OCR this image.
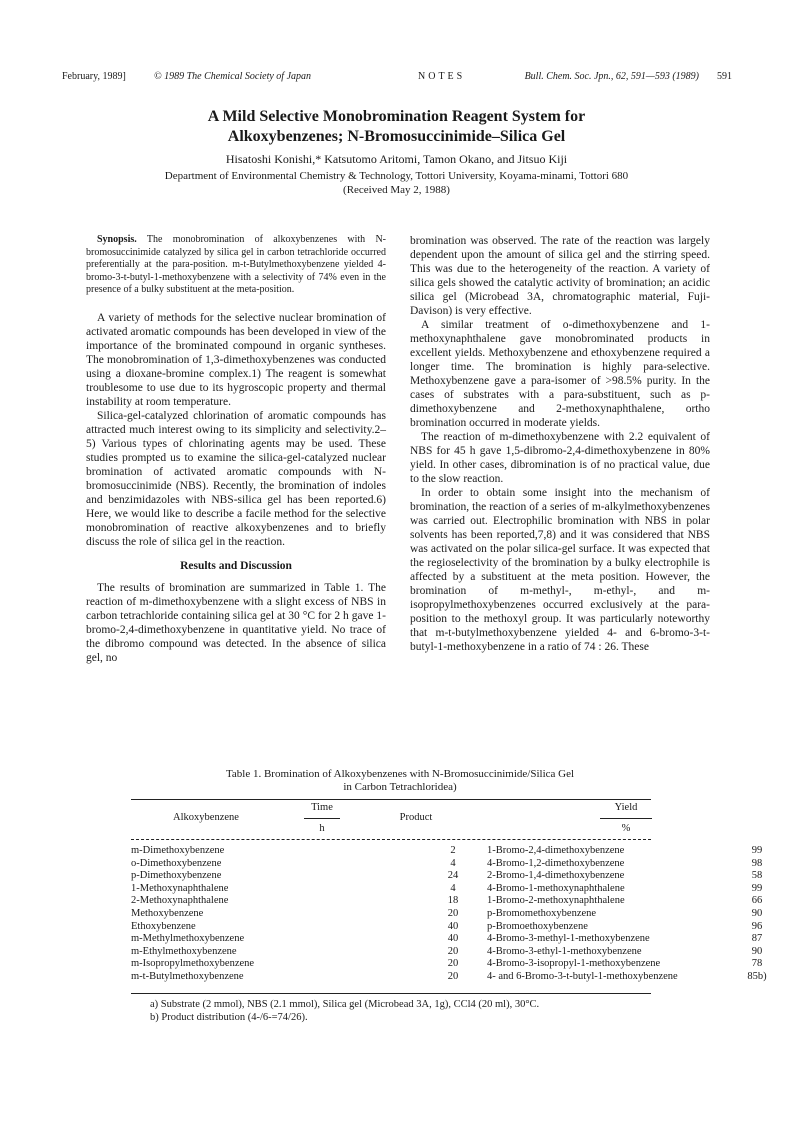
February, 1989]	© 1989 The Chemical Society of Japan	NOTES	Bull. Chem. Soc. Jpn., 62, 591—593 (1989) 591
A Mild Selective Monobromination Reagent System for
Alkoxybenzenes; N-Bromosuccinimide–Silica Gel
Hisatoshi Konishi,* Katsutomo Aritomi, Tamon Okano, and Jitsuo Kiji
Department of Environmental Chemistry & Technology, Tottori University, Koyama-minami, Tottori 680
(Received May 2, 1988)

Synopsis. The monobromination of alkoxybenzenes with N-bromosuccinimide catalyzed by silica gel in carbon tetrachloride occurred preferentially at the para-position. m-t-Butylmethoxybenzene yielded 4-bromo-3-t-butyl-1-methoxybenzene with a selectivity of 74% even in the presence of a bulky substituent at the meta-position.

A variety of methods for the selective nuclear bromination of activated aromatic compounds has been developed in view of the importance of the brominated compound in organic syntheses. The monobromination of 1,3-dimethoxybenzenes was conducted using a dioxane-bromine complex.1) The reagent is somewhat troublesome to use due to its hygroscopic property and thermal instability at room temperature.

Silica-gel-catalyzed chlorination of aromatic compounds has attracted much interest owing to its simplicity and selectivity.2–5) Various types of chlorinating agents may be used. These studies prompted us to examine the silica-gel-catalyzed nuclear bromination of activated aromatic compounds with N-bromosuccinimide (NBS). Recently, the bromination of indoles and benzimidazoles with NBS-silica gel has been reported.6) Here, we would like to describe a facile method for the selective monobromination of reactive alkoxybenzenes and to briefly discuss the role of silica gel in the reaction.

Results and Discussion

The results of bromination are summarized in Table 1. The reaction of m-dimethoxybenzene with a slight excess of NBS in carbon tetrachloride containing silica gel at 30 °C for 2 h gave 1-bromo-2,4-dimethoxybenzene in quantitative yield. No trace of the dibromo compound was detected. In the absence of silica gel, no

bromination was observed. The rate of the reaction was largely dependent upon the amount of silica gel and the stirring speed. This was due to the heterogeneity of the reaction. A variety of silica gels showed the catalytic activity of bromination; an acidic silica gel (Microbead 3A, chromatographic material, Fuji-Davison) is very effective.

A similar treatment of o-dimethoxybenzene and 1-methoxynaphthalene gave monobrominated products in excellent yields. Methoxybenzene and ethoxybenzene required a longer time. The bromination is highly para-selective. Methoxybenzene gave a para-isomer of >98.5% purity. In the cases of substrates with a para-substituent, such as p-dimethoxybenzene and 2-methoxynaphthalene, ortho bromination occurred in moderate yields.

The reaction of m-dimethoxybenzene with 2.2 equivalent of NBS for 45 h gave 1,5-dibromo-2,4-dimethoxybenzene in 80% yield. In other cases, dibromination is of no practical value, due to the slow reaction.

In order to obtain some insight into the mechanism of bromination, the reaction of a series of m-alkylmethoxybenzenes was carried out. Electrophilic bromination with NBS in polar solvents has been reported,7,8) and it was considered that NBS was activated on the polar silica-gel surface. It was expected that the regioselectivity of the bromination by a bulky electrophile is affected by a substituent at the meta position. However, the bromination of m-methyl-, m-ethyl-, and m-isopropylmethoxybenzenes occurred exclusively at the para-position to the methoxyl group. It was particularly noteworthy that m-t-butylmethoxybenzene yielded 4- and 6-bromo-3-t-butyl-1-methoxybenzene in a ratio of 74 : 26. These

Table 1. Bromination of Alkoxybenzenes with N-Bromosuccinimide/Silica Gel
in Carbon Tetrachloridea)
Alkoxybenzene
Time
h
Product
Yield
%
m-Dimethoxybenzene	2	1-Bromo-2,4-dimethoxybenzene	99
o-Dimethoxybenzene	4	4-Bromo-1,2-dimethoxybenzene	98
p-Dimethoxybenzene	24	2-Bromo-1,4-dimethoxybenzene	58
1-Methoxynaphthalene	4	4-Bromo-1-methoxynaphthalene	99
2-Methoxynaphthalene	18	1-Bromo-2-methoxynaphthalene	66
Methoxybenzene	20	p-Bromomethoxybenzene	90
Ethoxybenzene	40	p-Bromoethoxybenzene	96
m-Methylmethoxybenzene	40	4-Bromo-3-methyl-1-methoxybenzene	87
m-Ethylmethoxybenzene	20	4-Bromo-3-ethyl-1-methoxybenzene	90
m-Isopropylmethoxybenzene	20	4-Bromo-3-isopropyl-1-methoxybenzene	78
m-t-Butylmethoxybenzene	20	4- and 6-Bromo-3-t-butyl-1-methoxybenzene	85b)
a) Substrate (2 mmol), NBS (2.1 mmol), Silica gel (Microbead 3A, 1g), CCl4 (20 ml), 30°C.
b) Product distribution (4-/6-=74/26).
